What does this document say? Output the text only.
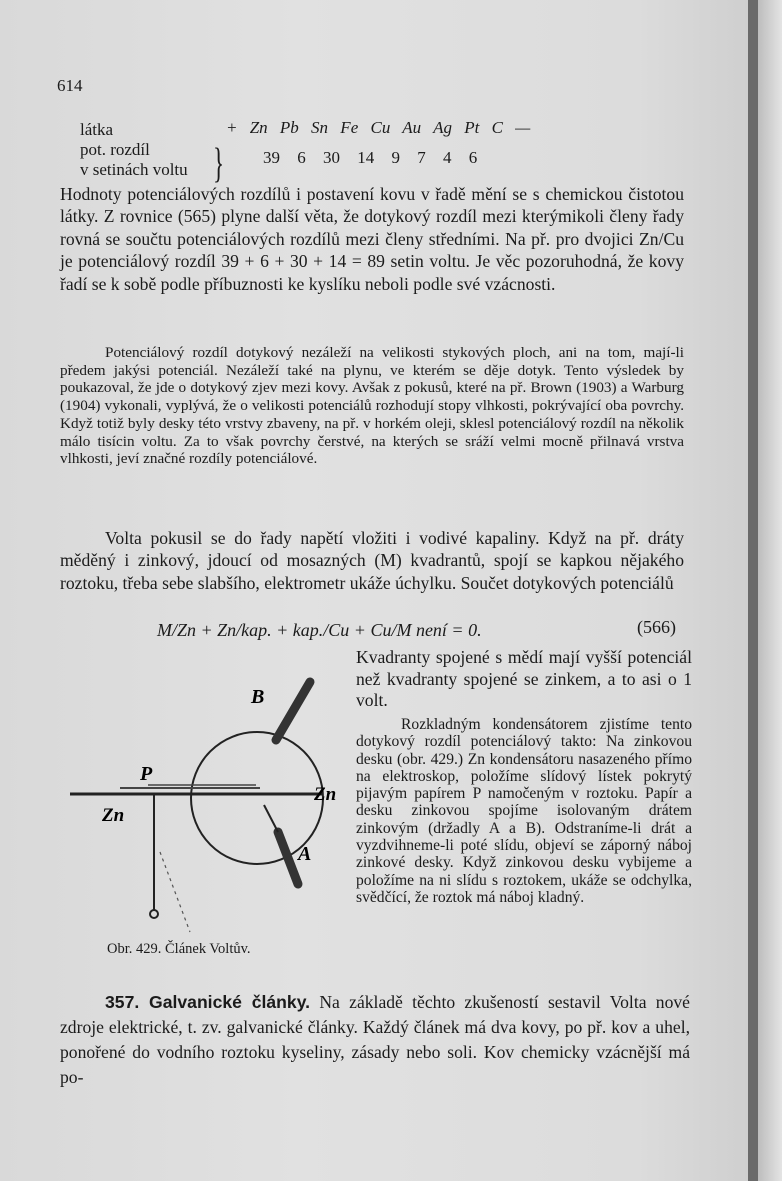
614
látka	+ Zn Pb Sn Fe Cu Au Ag Pt C —
pot. rozdíl
v setinách voltu } 39 6 30 14 9 7 4 6
Hodnoty potenciálových rozdílů i postavení kovu v řadě mění se s chemickou čistotou látky. Z rovnice (565) plyne další věta, že dotykový rozdíl mezi kterýmikoli členy řady rovná se součtu potenciálových rozdílů mezi členy středními. Na př. pro dvojici Zn/Cu je potenciálový rozdíl 39 + 6 + 30 + 14 = 89 setin voltu. Je věc pozoruhodná, že kovy řadí se k sobě podle příbuznosti ke kyslíku neboli podle své vzácnosti.
Potenciálový rozdíl dotykový nezáleží na velikosti stykových ploch, ani na tom, mají-li předem jakýsi potenciál. Nezáleží také na plynu, ve kterém se děje dotyk. Tento výsledek by poukazoval, že jde o dotykový zjev mezi kovy. Avšak z pokusů, které na př. Brown (1903) a Warburg (1904) vykonali, vyplývá, že o velikosti potenciálů rozhodují stopy vlhkosti, pokrývající oba povrchy. Když totiž byly desky této vrstvy zbaveny, na př. v horkém oleji, sklesl potenciálový rozdíl na několik málo tisícin voltu. Za to však povrchy čerstvé, na kterých se sráží velmi mocně přilnavá vrstva vlhkosti, jeví značné rozdíly potenciálové.
Volta pokusil se do řady napětí vložiti i vodivé kapaliny. Když na př. dráty měděný i zinkový, jdoucí od mosazných (M) kvadrantů, spojí se kapkou nějakého roztoku, třeba sebe slabšího, elektrometr ukáže úchylku. Součet dotykových potenciálů
M/Zn + Zn/kap. + kap./Cu + Cu/M není = 0.	(566)
Kvadranty spojené s mědí mají vyšší potenciál než kvadranty spojené se zinkem, a to asi o 1 volt.
Rozkladným kondensátorem zjistíme tento dotykový rozdíl potenciálový takto: Na zinkovou desku (obr. 429.) Zn kondensátoru nasazeného přímo na elektroskop, položíme slídový lístek pokrytý pijavým papírem P namočeným v roztoku. Papír a desku zinkovou spojíme isolovaným drátem zinkovým (držadly A a B). Odstraníme-li drát a vyzdvihneme-li poté slídu, objeví se záporný náboj zinkové desky. Když zinkovou desku vybijeme a položíme na ni slídu s roztokem, ukáže se odchylka, svědčící, že roztok má náboj kladný.
B
P
Zn
Zn
A
Obr. 429. Článek Voltův.
357. Galvanické články. Na základě těchto zkušeností sestavil Volta nové zdroje elektrické, t. zv. galvanické články. Každý článek má dva kovy, po př. kov a uhel, ponořené do vodního roztoku kyseliny, zásady nebo soli. Kov chemicky vzácnější má po-
